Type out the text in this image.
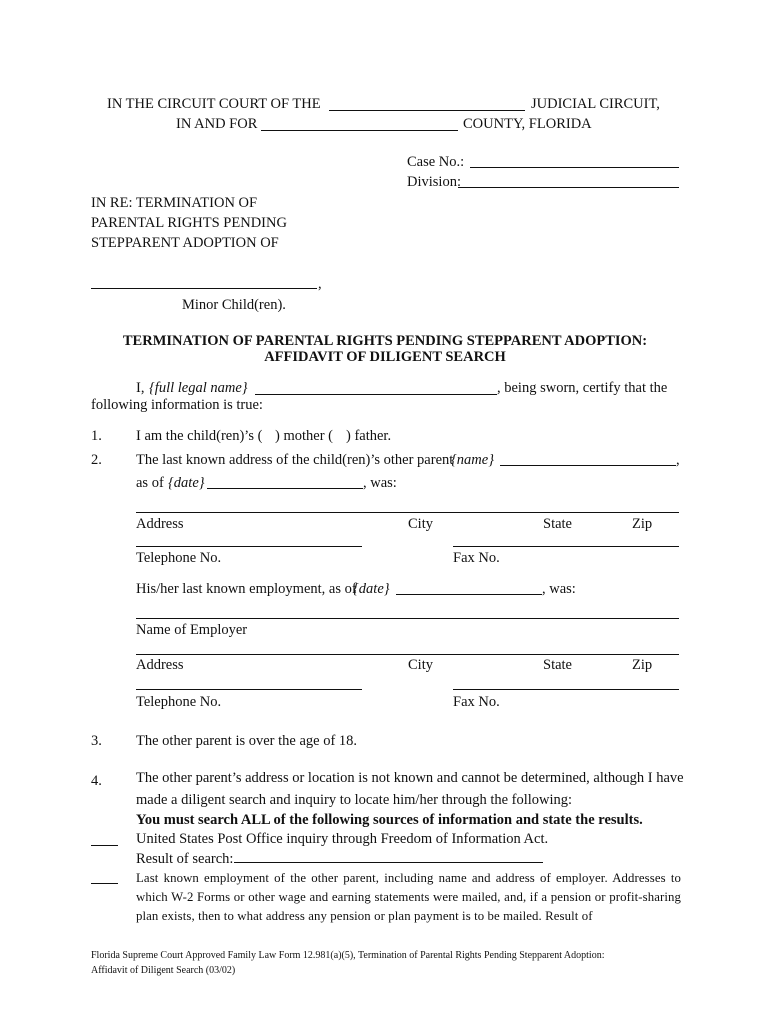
IN THE CIRCUIT COURT OF THE	JUDICIAL CIRCUIT,
IN AND FOR	COUNTY, FLORIDA
Case No.:
Division:
IN RE: TERMINATION OF
PARENTAL RIGHTS PENDING
STEPPARENT ADOPTION OF
,
Minor Child(ren).
TERMINATION OF PARENTAL RIGHTS PENDING STEPPARENT ADOPTION:
AFFIDAVIT OF DILIGENT SEARCH
I, {full legal name}	, being sworn, certify that the
following information is true:
1. I am the child(ren)’s ( ) mother ( ) father.
2. The last known address of the child(ren)’s other parent
{name}	,
as of {date}	, was:
Address	City	State	Zip
Telephone No.	Fax No.
His/her last known employment, as of
{date}	, was:
Name of Employer
Address	City	State	Zip
Telephone No.	Fax No.
3. The other parent is over the age of 18.
4. The other parent’s address or location is not known and cannot be determined, although I have
made a diligent search and inquiry to locate him/her through the following:
You must search ALL of the following sources of information and state the results.
United States Post Office inquiry through Freedom of Information Act.
Result of search:
Last known employment of the other parent, including name and address of employer. Addresses to which W-2 Forms or other wage and earning statements were mailed, and, if a pension or profit-sharing plan exists, then to what address any pension or plan payment is to be mailed. Result of
Florida Supreme Court Approved Family Law Form 12.981(a)(5), Termination of Parental Rights Pending Stepparent Adoption:
Affidavit of Diligent Search (03/02)
